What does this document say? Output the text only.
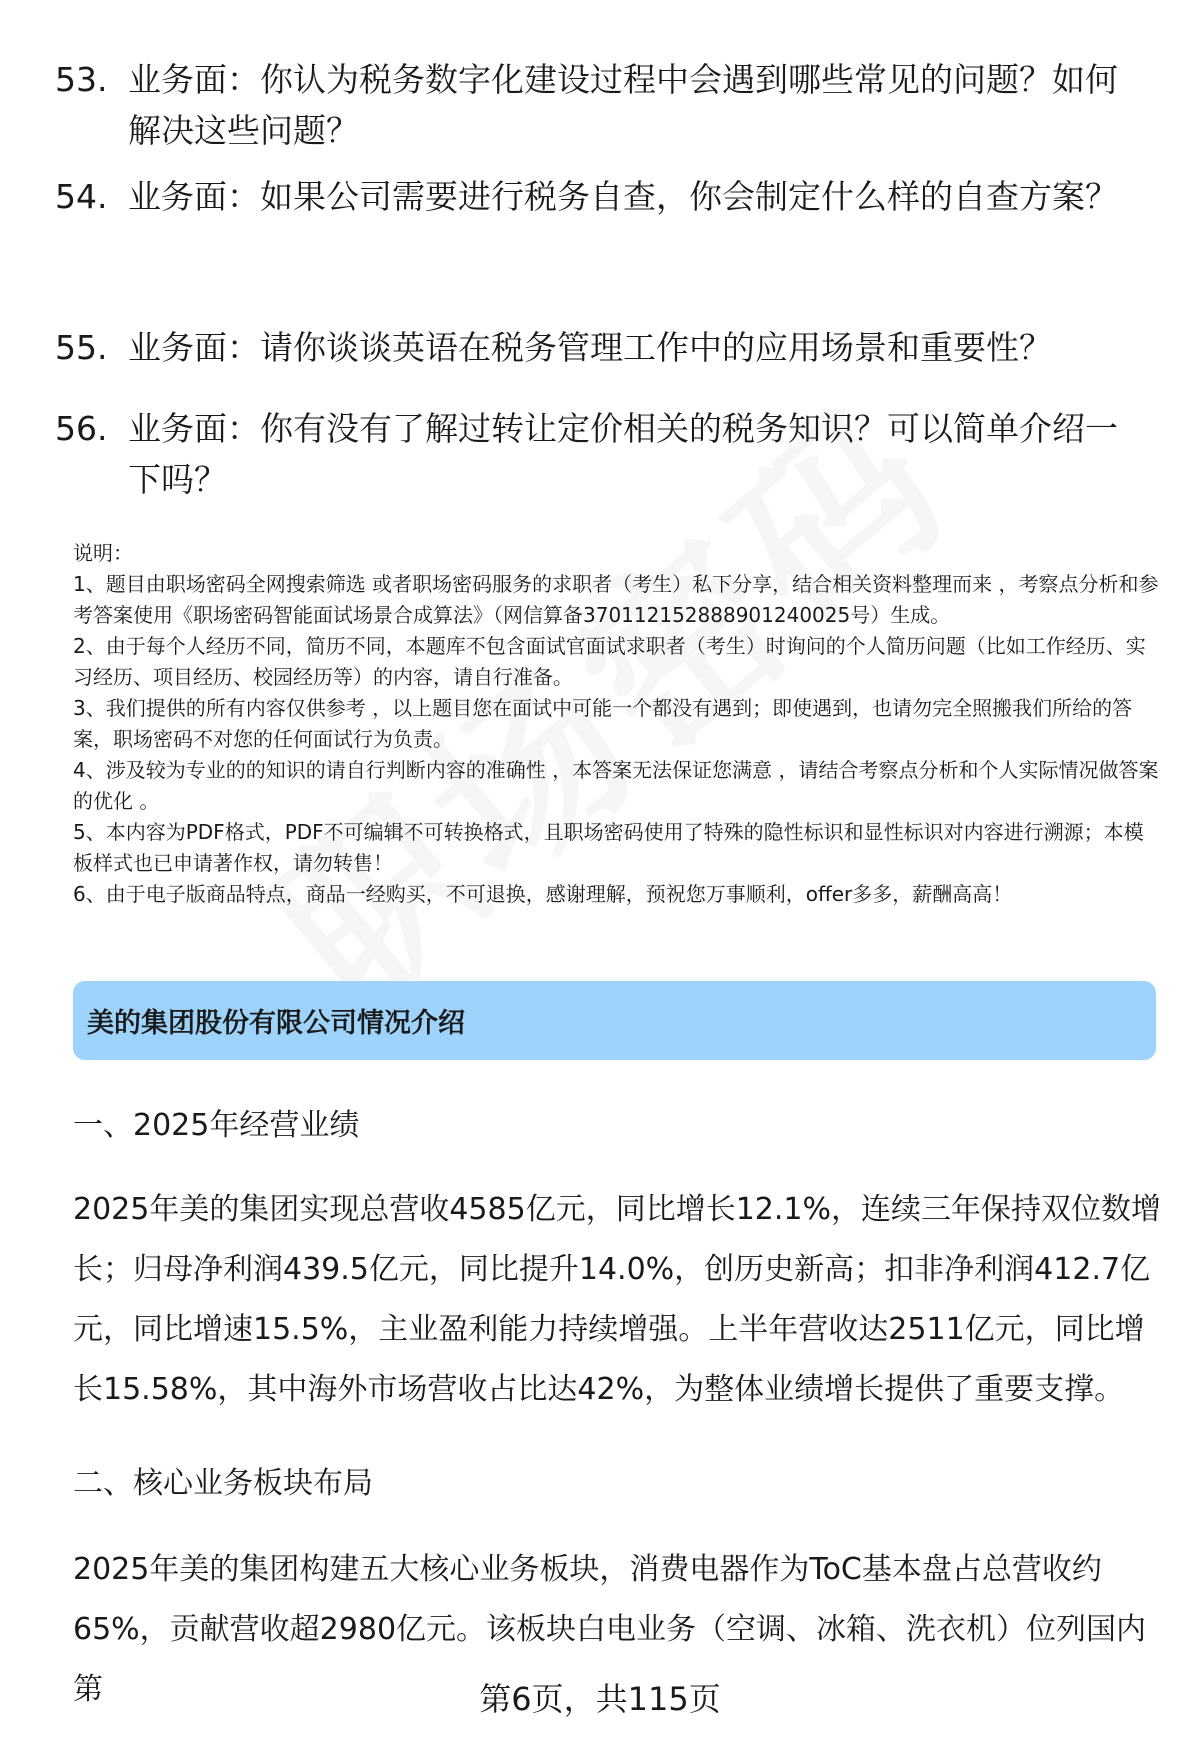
53. 业务面：你认为税务数字化建设过程中会遇到哪些常见的问题？如何解决这些问题？
54. 业务面：如果公司需要进行税务自查，你会制定什么样的自查方案？
55. 业务面：请你谈谈英语在税务管理工作中的应用场景和重要性？
56. 业务面：你有没有了解过转让定价相关的税务知识？可以简单介绍一下吗？

说明：

1、题目由职场密码全网搜索筛选 或者职场密码服务的求职者（考生）私下分享，结合相关资料整理而来 ，考察点分析和参考答案使用《职场密码智能面试场景合成算法》（网信算备370112152888901240025号）生成。

2、由于每个人经历不同，简历不同，本题库不包含面试官面试求职者（考生）时询问的个人简历问题（比如工作经历、实习经历、项目经历、校园经历等）的内容，请自行准备。

3、我们提供的所有内容仅供参考 ，以上题目您在面试中可能一个都没有遇到；即使遇到，也请勿完全照搬我们所给的答案，职场密码不对您的任何面试行为负责。

4、涉及较为专业的的知识的请自行判断内容的准确性 ，本答案无法保证您满意 ，请结合考察点分析和个人实际情况做答案的优化 。

5、本内容为PDF格式，PDF不可编辑不可转换格式，且职场密码使用了特殊的隐性标识和显性标识对内容进行溯源；本模板样式也已申请著作权，请勿转售！

6、由于电子版商品特点，商品一经购买，不可退换，感谢理解，预祝您万事顺利，offer多多，薪酬高高！

美的集团股份有限公司情况介绍
一、2025年经营业绩

2025年美的集团实现总营收4585亿元，同比增长12.1%，连续三年保持双位数增长；归母净利润439.5亿元，同比提升14.0%，创历史新高；扣非净利润412.7亿元，同比增速15.5%，主业盈利能力持续增强。上半年营收达2511亿元，同比增长15.58%，其中海外市场营收占比达42%，为整体业绩增长提供了重要支撑。

二、核心业务板块布局

2025年美的集团构建五大核心业务板块，消费电器作为ToC基本盘占总营收约65%，贡献营收超2980亿元。该板块白电业务（空调、冰箱、洗衣机）位列国内第	第6页，共115页
